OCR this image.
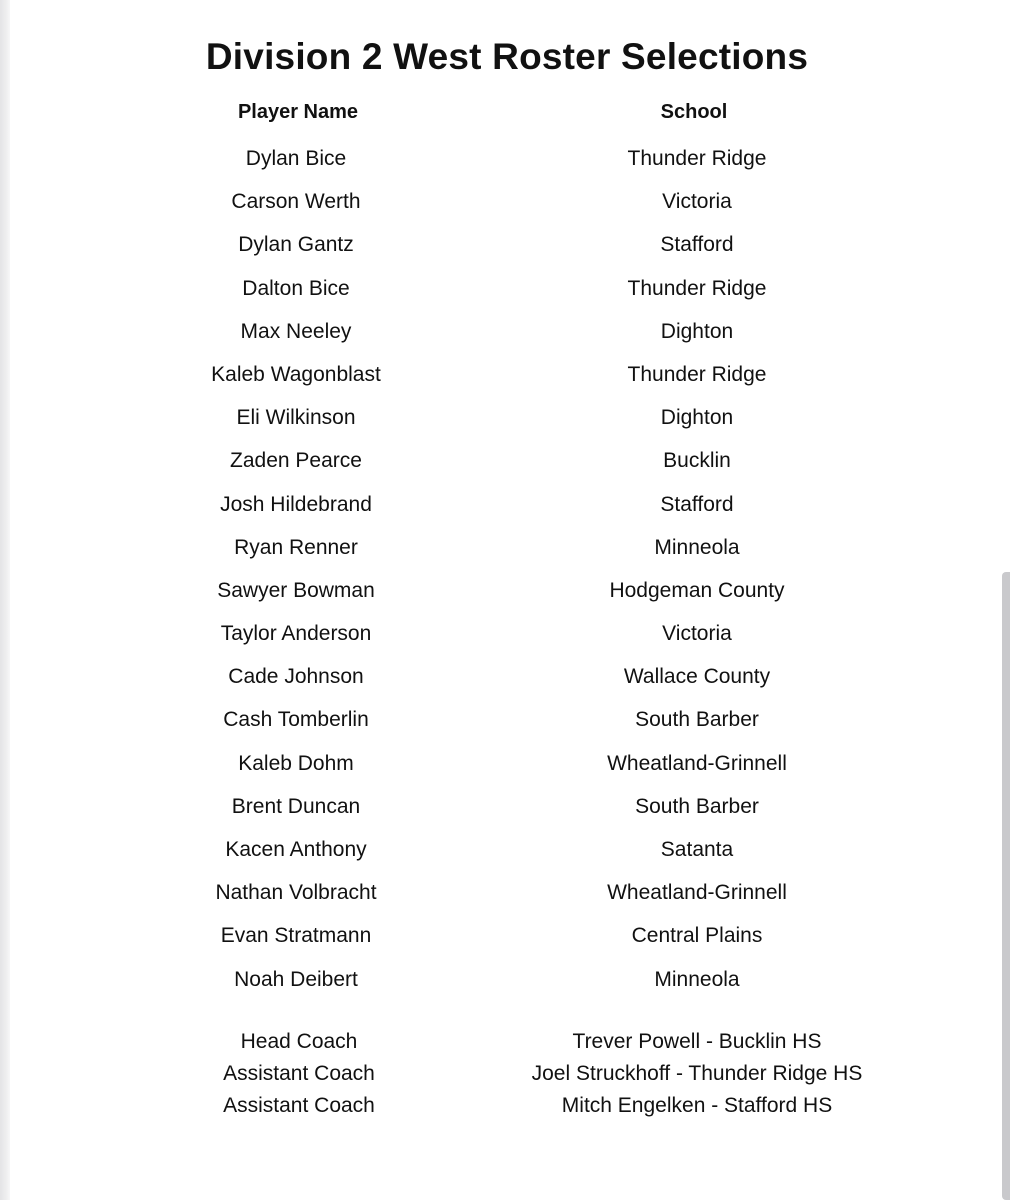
Division 2 West Roster Selections
Player Name	School
Dylan Bice	Thunder Ridge
Carson Werth	Victoria
Dylan Gantz	Stafford
Dalton Bice	Thunder Ridge
Max Neeley	Dighton
Kaleb Wagonblast	Thunder Ridge
Eli Wilkinson	Dighton
Zaden Pearce	Bucklin
Josh Hildebrand	Stafford
Ryan Renner	Minneola
Sawyer Bowman	Hodgeman County
Taylor Anderson	Victoria
Cade Johnson	Wallace County
Cash Tomberlin	South Barber
Kaleb Dohm	Wheatland-Grinnell
Brent Duncan	South Barber
Kacen Anthony	Satanta
Nathan Volbracht	Wheatland-Grinnell
Evan Stratmann	Central Plains
Noah Deibert	Minneola
Head Coach	Trever Powell - Bucklin HS
Assistant Coach	Joel Struckhoff - Thunder Ridge HS
Assistant Coach	Mitch Engelken - Stafford HS
